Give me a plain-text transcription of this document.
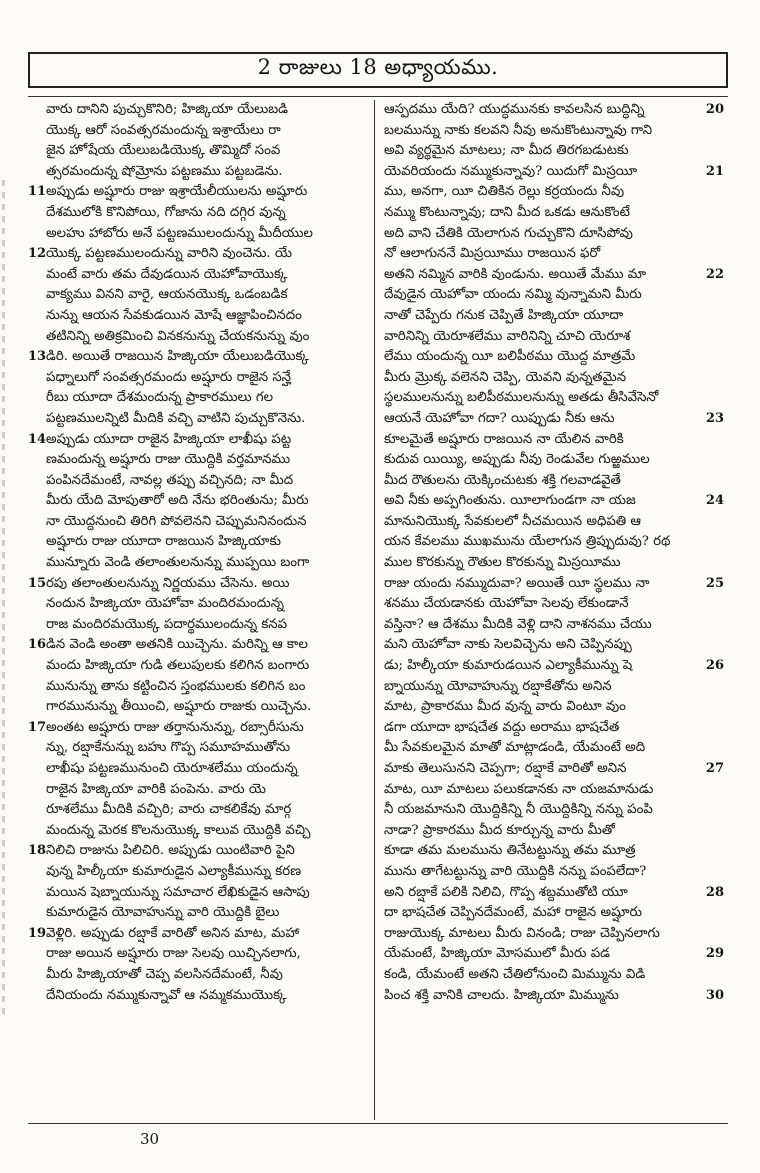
2 రాజులు 18 అధ్యాయము.
వారు దానిని పుచ్చుకొనిరి; హిజ్కియా యేలుబడి
యొక్క ఆరో సంవత్సరమందున్న ఇశ్రాయేలు రా
జైన హోషేయ యేలుబడియొక్క తొమ్మిదో సంవ
త్సరమందున్న షోమ్రోను పట్టణము పట్టబడెను.
11 అప్పుడు అష్షూరు రాజు ఇశ్రాయేలీయులను అష్షూరు
దేశములోకి కొనిపోయి, గోజాను నది దగ్గిర వున్న
అలహు హాబోరు అనే పట్టణములందున్ను మీదీయుల
12 యొక్క పట్టణములందున్ను వారిని వుంచెను. యే
మంటే వారు తమ దేవుడయిన యెహోవాయొక్క
వాక్యము వినని వారై, ఆయనయొక్క ఒడంబడిక
నున్ను ఆయన సేవకుడయిన మోషే ఆజ్ఞాపించినదం
తటినిన్ని అతిక్రమించి వినకనున్ను చేయకనున్ను వుం
13 డిరి. అయితే రాజయిన హిజ్కియా యేలుబడియొక్క
పధ్నాలుగో సంవత్సరమందు అష్షూరు రాజైన సన్హే
రీబు యూదా దేశమందున్న ప్రాకారములు గల
పట్టణములన్నిటి మీదికి వచ్చి వాటిని పుచ్చుకొనెను.
14 అప్పుడు యూదా రాజైన హిజ్కియా లాఖీషు పట్ట
ణమందున్న అష్షూరు రాజు యొద్దికి వర్తమానము
పంపినదేమంటే, నావల్ల తప్పు వచ్చినది; నా మీద
మీరు యేది మోపుతారో అది నేను భరింతును; మీరు
నా యొద్దనుంచి తిరిగి పోవలెనని చెప్పుమనినందున
అష్షూరు రాజు యూదా రాజయిన హిజ్కియాకు
మున్నూరు వెండి తలాంతులనున్ను ముప్పయి బంగా
15 రపు తలాంతులనున్ను నిర్ణయము చేసెను. అయి
నందున హిజ్కియా యెహోవా మందిరమందున్న
రాజ మందిరమయొక్క పదార్థములందున్న కనప
16 డిన వెండి అంతా అతనికి యిచ్చెను. మరిన్ని ఆ కాల
మందు హిజ్కియా గుడి తలుపులకు కలిగిన బంగారు
మునున్ను తాను కట్టించిన స్తంభములకు కలిగిన బం
గారమునున్ను తీయించి, అష్షూరు రాజుకు యిచ్చెను.
17 అంతట అష్షూరు రాజు తర్తానునున్ను, రబ్సారీసును
న్ను, రబ్షాకేనున్ను బహు గొప్ప సమూహముతోను
లాఖీషు పట్టణమునుంచి యెరూశలేము యందున్న
రాజైన హిజ్కియా వారికి పంపెను. వారు యె
రూశలేము మీదికి వచ్చిరి; వారు చాకలికేవు మార్గ
మందున్న మెరక కొలనుయొక్క కాలువ యొద్దికి వచ్చి
18 నిలిచి రాజును పిలిచిరి. అప్పుడు యింటివారి పైని
వున్న హిల్కీయా కుమారుడైన ఎల్యాకీమున్ను కరణ
మయిన షెబ్నాయున్ను సమాచార లేఖికుడైన ఆసాపు
కుమారుడైన యోవాహున్ను వారి యొద్దికి బైలు
19 వెళ్లిరి. అప్పుడు రబ్షాకే వారితో అనిన మాట, మహా
రాజు అయిన అష్షూరు రాజు సెలవు యిచ్చినలాగు,
మీరు హిజ్కియాతో చెప్ప వలసినదేమంటే, నీవు
దేనియందు నమ్ముకున్నావో ఆ నమ్మకముయొక్క
ఆస్పదము యేది? యుద్ధమునకు కావలసిన బుద్ధిన్ని	20
బలమున్ను నాకు కలవని నీవు అనుకొంటున్నావు గాని
అవి వ్యర్థమైన మాటలు; నా మీద తిరగబడుటకు
యెవరియందు నమ్ముకున్నావు? యిదుగో మిస్రయీ	21
ము, అనగా, యీ చితికిన రెల్లు కర్రయందు నీవు
నమ్ము కొంటున్నావు; దాని మీద ఒకడు ఆనుకొంటే
అది వాని చేతికి యెలాగున గుచ్చుకొని దూసిపోవు
నో ఆలాగుననే మిస్రయీము రాజయిన ఫరో
అతని నమ్మిన వారికి వుండును. అయితే మేము మా	22
దేవుడైన యెహోవా యందు నమ్మి వున్నామని మీరు
నాతో చెప్పేరు గనుక చెప్పితే హిజ్కియా యూదా
వారినిన్ని యెరూశలేము వారినిన్ని చూచి యెరూశ
లేము యందున్న యీ బలిపీఠము యొద్ద మాత్రమే
మీరు మ్రొక్క వలెనని చెప్పి, యెవని వున్నతమైన
స్థలములనున్ను బలిపీఠములనున్ను అతడు తీసివేసెనో
ఆయనే యెహోవా గదా? యిప్పుడు నీకు ఆను	23
కూలమైతే అష్షూరు రాజయిన నా యేలిన వారికి
కుదువ యియ్యి, అప్పుడు నీవు రెండువేల గుఱ్ఱముల
మీద రౌతులను యెక్కించుటకు శక్తి గలవాడవైతే
అవి నీకు అప్పగింతును. యీలాగుండగా నా యజ	24
మానునియొక్క సేవకులలో నీచమయిన అధిపతి ఆ
యన కేవలము ముఖమును యేలాగున త్రిప్పుదువు? రథ
ముల కొరకున్ను రౌతుల కొరకున్ను మిస్రయీము
రాజు యందు నమ్ముదువా? అయితే యీ స్థలము నా	25
శనము చేయడానకు యెహోవా సెలవు లేకుండానే
వస్తినా? ఆ దేశము మీదికి వెళ్లి దాని నాశనము చేయు
మని యెహోవా నాకు సెలవిచ్చెను అని చెప్పినప్పు
డు; హిల్కీయా కుమారుడయిన ఎల్యాకీమున్ను షె	26
బ్నాయున్ను యోవాహున్ను రబ్షాకేతోను అనిన
మాట, ప్రాకారము మీద వున్న వారు వింటూ వుం
డగా యూదా భాషచేత వద్దు అరాము భాషచేత
మీ సేవకులమైన మాతో మాట్లాడండి, యేమంటే అది
మాకు తెలుసునని చెప్పగా; రబ్షాకే వారితో అనిన	27
మాట, యీ మాటలు పలుకడానకు నా యజమానుడు
నీ యజమానుని యొద్దికిన్ని నీ యొద్దికిన్ని నన్ను పంపి
నాడా? ప్రాకారము మీద కూర్చున్న వారు మీతో
కూడా తమ మలమును తినేటట్టున్ను తమ మూత్ర
మును తాగేటట్టున్ను వారి యొద్దికి నన్ను పంపలేదా?
అని రబ్షాకే పలికి నిలిచి, గొప్ప శబ్దముతోటి యూ	28
దా భాషచేత చెప్పినదేమంటే, మహా రాజైన అష్షూరు
రాజుయొక్క మాటలు మీరు వినండి; రాజు చెప్పినలాగు
యేమంటే, హిజ్కియా మోసములో మీరు పడ	29
కండి, యేమంటే అతని చేతిలోనుంచి మిమ్మును విడి
పించ శక్తి వానికి చాలదు. హిజ్కియా మిమ్మును	30
30
